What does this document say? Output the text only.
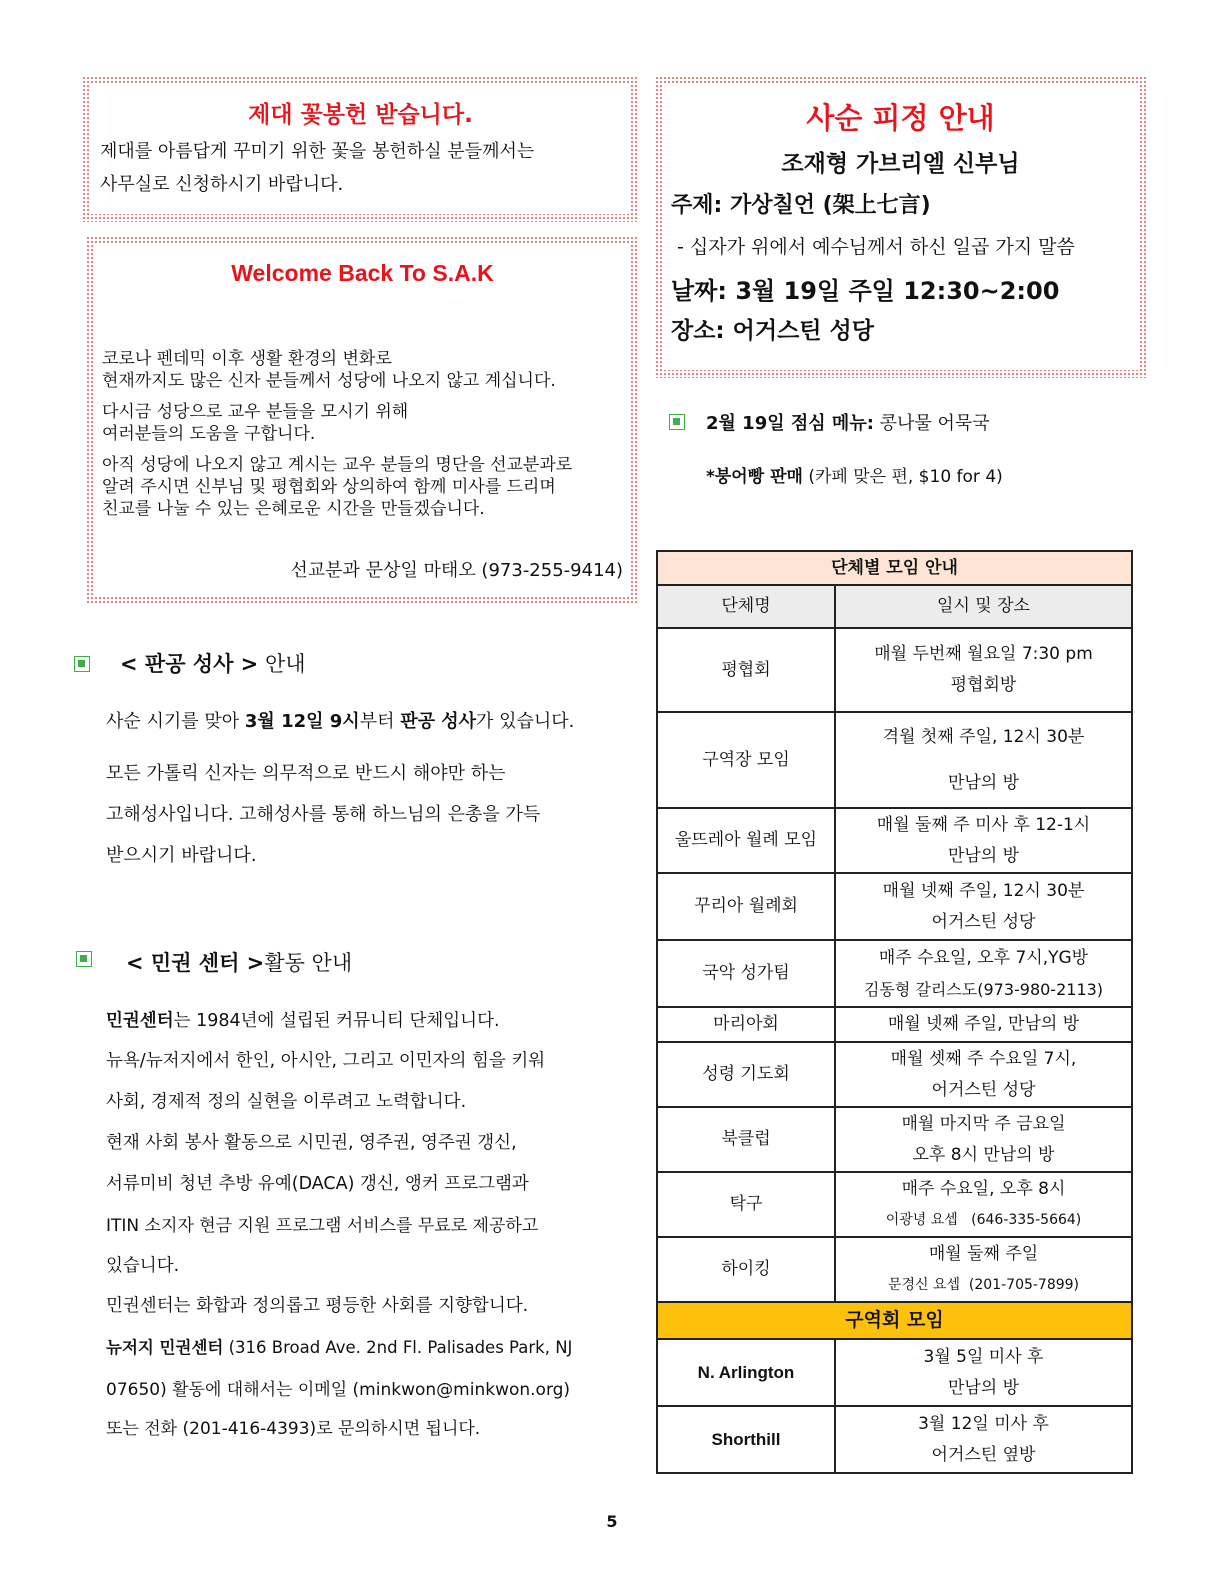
제대 꽃봉헌 받습니다.

제대를 아름답게 꾸미기 위한 꽃을 봉헌하실 분들께서는

사무실로 신청하시기 바랍니다.

Welcome Back To S.A.K

코로나 펜데믹 이후 생활 환경의 변화로

현재까지도 많은 신자 분들께서 성당에 나오지 않고 계십니다.

다시금 성당으로 교우 분들을 모시기 위해

여러분들의 도움을 구합니다.

아직 성당에 나오지 않고 계시는 교우 분들의 명단을 선교분과로

알려 주시면 신부님 및 평협회와 상의하여 함께 미사를 드리며

친교를 나눌 수 있는 은혜로운 시간을 만들겠습니다.

선교분과 문상일 마태오 (973-255-9414)

< 판공 성사 > 안내

사순 시기를 맞아 3월 12일 9시부터 판공 성사가 있습니다.

모든 가톨릭 신자는 의무적으로 반드시 해야만 하는

고해성사입니다. 고해성사를 통해 하느님의 은총을 가득

받으시기 바랍니다.

< 민권 센터 >활동 안내

민권센터는 1984년에 설립된 커뮤니티 단체입니다.

뉴욕/뉴저지에서 한인, 아시안, 그리고 이민자의 힘을 키워

사회, 경제적 정의 실현을 이루려고 노력합니다.

현재 사회 봉사 활동으로 시민권, 영주권, 영주권 갱신,

서류미비 청년 추방 유예(DACA) 갱신, 앵커 프로그램과

ITIN 소지자 현금 지원 프로그램 서비스를 무료로 제공하고

있습니다.

민권센터는 화합과 정의롭고 평등한 사회를 지향합니다.

뉴저지 민권센터 (316 Broad Ave. 2nd Fl. Palisades Park, NJ

07650) 활동에 대해서는 이메일 (minkwon@minkwon.org)

또는 전화 (201-416-4393)로 문의하시면 됩니다.

사순 피정 안내

조재형 가브리엘 신부님

주제: 가상칠언 (架上七言)

- 십자가 위에서 예수님께서 하신 일곱 가지 말씀

날짜: 3월 19일 주일 12:30~2:00

장소: 어거스틴 성당

2월 19일 점심 메뉴: 콩나물 어묵국

*붕어빵 판매 (카페 맞은 편, $10 for 4)

단체별 모임 안내	
단체명	일시 및 장소
평협회	매월 두번째 월요일 7:30 pm
평협회방

구역장 모임	격월 첫째 주일, 12시 30분
만남의 방

울뜨레아 월례 모임	매월 둘째 주 미사 후 12-1시
만남의 방

꾸리아 월례회	매월 넷째 주일, 12시 30분
어거스틴 성당

국악 성가팀	매주 수요일, 오후 7시,YG방
김동형 갈리스도(973-980-2113)

마리아회	매월 넷째 주일, 만남의 방
성령 기도회	매월 셋째 주 수요일 7시,
어거스틴 성당

북클럽	매월 마지막 주 금요일
오후 8시 만남의 방

탁구	매주 수요일, 오후 8시
이광녕 요셉   (646-335-5664)

하이킹	매월 둘째 주일
문경신 요셉  (201-705-7899)

구역회 모임	
N. Arlington	3월 5일 미사 후
만남의 방

Shorthill	3월 12일 미사 후
어거스틴 옆방

5
